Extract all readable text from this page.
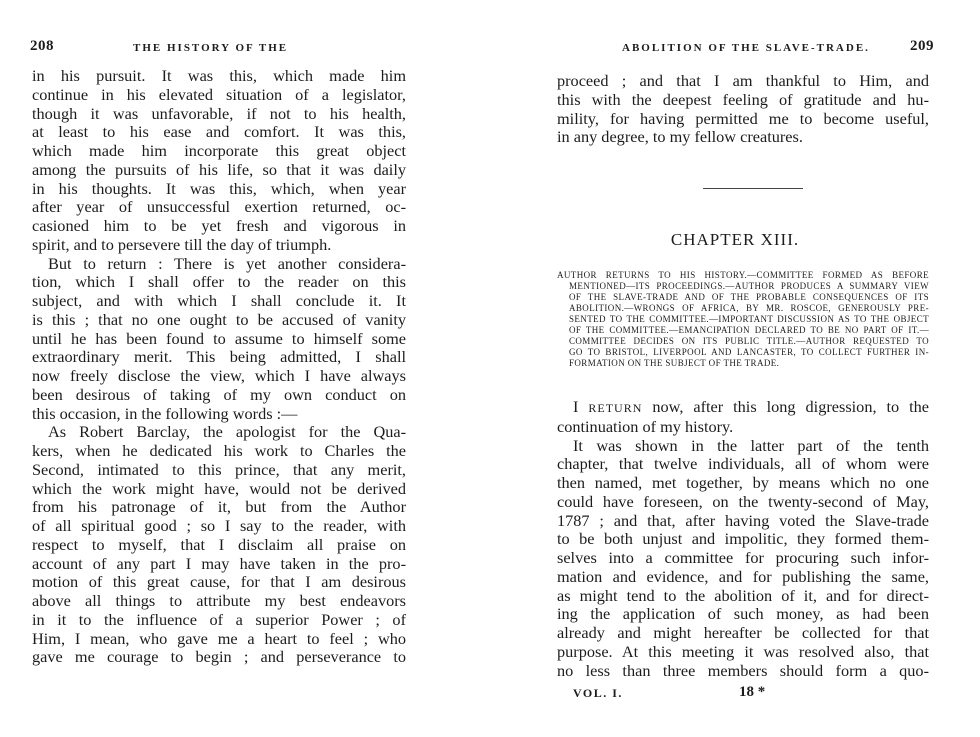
208	THE HISTORY OF THE
in his pursuit. It was this, which made him
continue in his elevated situation of a legislator,
though it was unfavorable, if not to his health,
at least to his ease and comfort. It was this,
which made him incorporate this great object
among the pursuits of his life, so that it was daily
in his thoughts. It was this, which, when year
after year of unsuccessful exertion returned, oc-
casioned him to be yet fresh and vigorous in
spirit, and to persevere till the day of triumph.
But to return : There is yet another considera-
tion, which I shall offer to the reader on this
subject, and with which I shall conclude it. It
is this ; that no one ought to be accused of vanity
until he has been found to assume to himself some
extraordinary merit. This being admitted, I shall
now freely disclose the view, which I have always
been desirous of taking of my own conduct on
this occasion, in the following words :—
As Robert Barclay, the apologist for the Qua-
kers, when he dedicated his work to Charles the
Second, intimated to this prince, that any merit,
which the work might have, would not be derived
from his patronage of it, but from the Author
of all spiritual good ; so I say to the reader, with
respect to myself, that I disclaim all praise on
account of any part I may have taken in the pro-
motion of this great cause, for that I am desirous
above all things to attribute my best endeavors
in it to the influence of a superior Power ; of
Him, I mean, who gave me a heart to feel ; who
gave me courage to begin ; and perseverance to
ABOLITION OF THE SLAVE-TRADE.	209
proceed ; and that I am thankful to Him, and
this with the deepest feeling of gratitude and hu-
mility, for having permitted me to become useful,
in any degree, to my fellow creatures.
CHAPTER XIII.
AUTHOR RETURNS TO HIS HISTORY.—COMMITTEE FORMED AS BEFORE
MENTIONED—ITS PROCEEDINGS.—AUTHOR PRODUCES A SUMMARY VIEW
OF THE SLAVE-TRADE AND OF THE PROBABLE CONSEQUENCES OF ITS
ABOLITION.—WRONGS OF AFRICA, BY MR. ROSCOE, GENEROUSLY PRE-
SENTED TO THE COMMITTEE.—IMPORTANT DISCUSSION AS TO THE OBJECT
OF THE COMMITTEE.—EMANCIPATION DECLARED TO BE NO PART OF IT.—
COMMITTEE DECIDES ON ITS PUBLIC TITLE.—AUTHOR REQUESTED TO
GO TO BRISTOL, LIVERPOOL AND LANCASTER, TO COLLECT FURTHER IN-
FORMATION ON THE SUBJECT OF THE TRADE.
I RETURN now, after this long digression, to the
continuation of my history.
It was shown in the latter part of the tenth
chapter, that twelve individuals, all of whom were
then named, met together, by means which no one
could have foreseen, on the twenty-second of May,
1787 ; and that, after having voted the Slave-trade
to be both unjust and impolitic, they formed them-
selves into a committee for procuring such infor-
mation and evidence, and for publishing the same,
as might tend to the abolition of it, and for direct-
ing the application of such money, as had been
already and might hereafter be collected for that
purpose. At this meeting it was resolved also, that
no less than three members should form a quo-
VOL. I.	18 *
